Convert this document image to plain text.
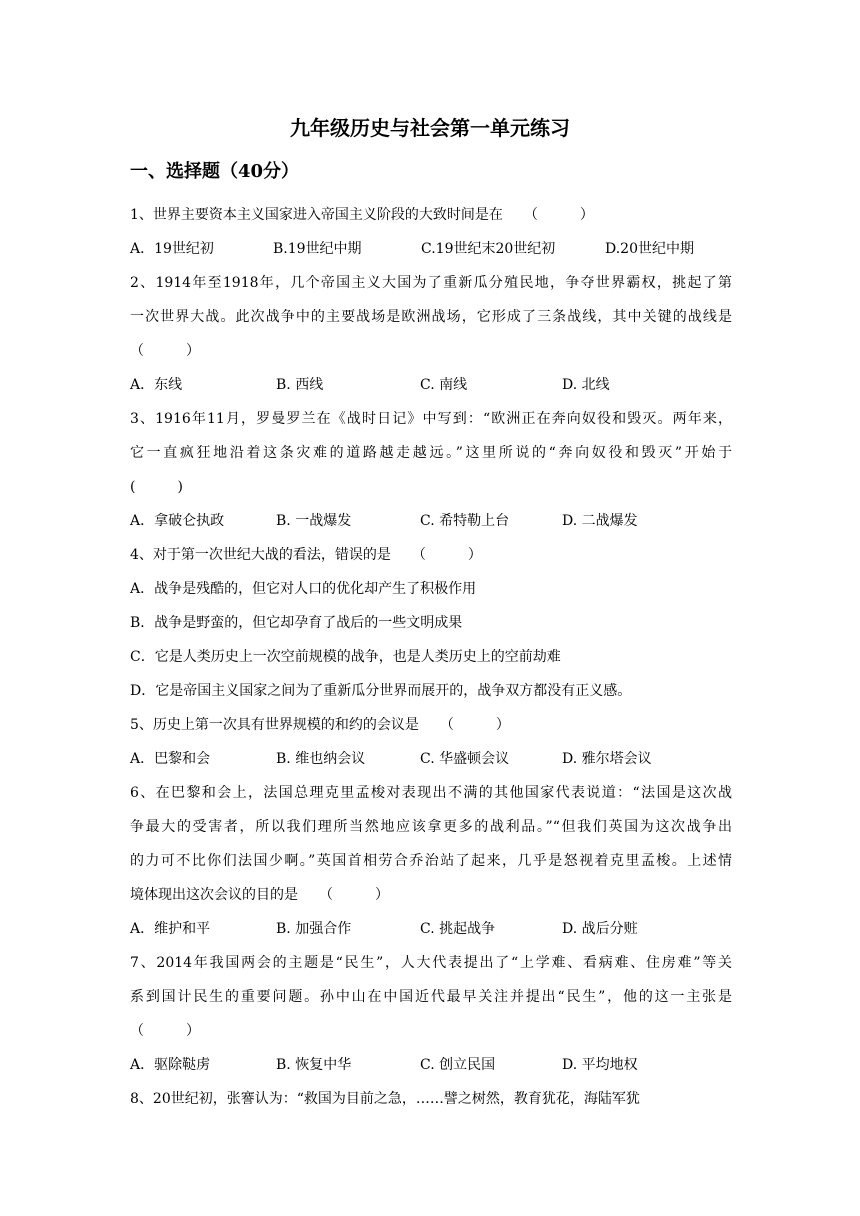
九年级历史与社会第一单元练习
一、选择题（40分）
1、世界主要资本主义国家进入帝国主义阶段的大致时间是在　　（　　　）
A．19世纪初	B.19世纪中期	C.19世纪末20世纪初	D.20世纪中期
2、1914年至1918年，几个帝国主义大国为了重新瓜分殖民地，争夺世界霸权，挑起了第
一次世界大战。此次战争中的主要战场是欧洲战场，它形成了三条战线，其中关键的战线是
（　　　）
A．东线	B. 西线	C. 南线	D. 北线
3、1916年11月，罗曼罗兰在《战时日记》中写到：“欧洲正在奔向奴役和毁灭。两年来，
它一直疯狂地沿着这条灾难的道路越走越远。”这里所说的“奔向奴役和毁灭”开始于
(　　　)
A．拿破仑执政	B. 一战爆发	C. 希特勒上台	D. 二战爆发
4、对于第一次世纪大战的看法，错误的是　　（　　　）
A．战争是残酷的，但它对人口的优化却产生了积极作用
B．战争是野蛮的，但它却孕育了战后的一些文明成果
C．它是人类历史上一次空前规模的战争，也是人类历史上的空前劫难
D．它是帝国主义国家之间为了重新瓜分世界而展开的，战争双方都没有正义感。
5、历史上第一次具有世界规模的和约的会议是　　（　　　）
A．巴黎和会	B. 维也纳会议	C. 华盛顿会议	D. 雅尔塔会议
6、在巴黎和会上，法国总理克里孟梭对表现出不满的其他国家代表说道：“法国是这次战
争最大的受害者，所以我们理所当然地应该拿更多的战利品。”“但我们英国为这次战争出
的力可不比你们法国少啊。”英国首相劳合乔治站了起来，几乎是怒视着克里孟梭。上述情
境体现出这次会议的目的是　　（　　　）
A．维护和平	B. 加强合作	C. 挑起战争	D. 战后分赃
7、2014年我国两会的主题是“民生”，人大代表提出了“上学难、看病难、住房难”等关
系到国计民生的重要问题。孙中山在中国近代最早关注并提出“民生”，他的这一主张是
（　　　）
A．驱除鞑虏	B. 恢复中华	C. 创立民国	D. 平均地权
8、20世纪初，张謇认为：“救国为目前之急，……譬之树然，教育犹花，海陆军犹
